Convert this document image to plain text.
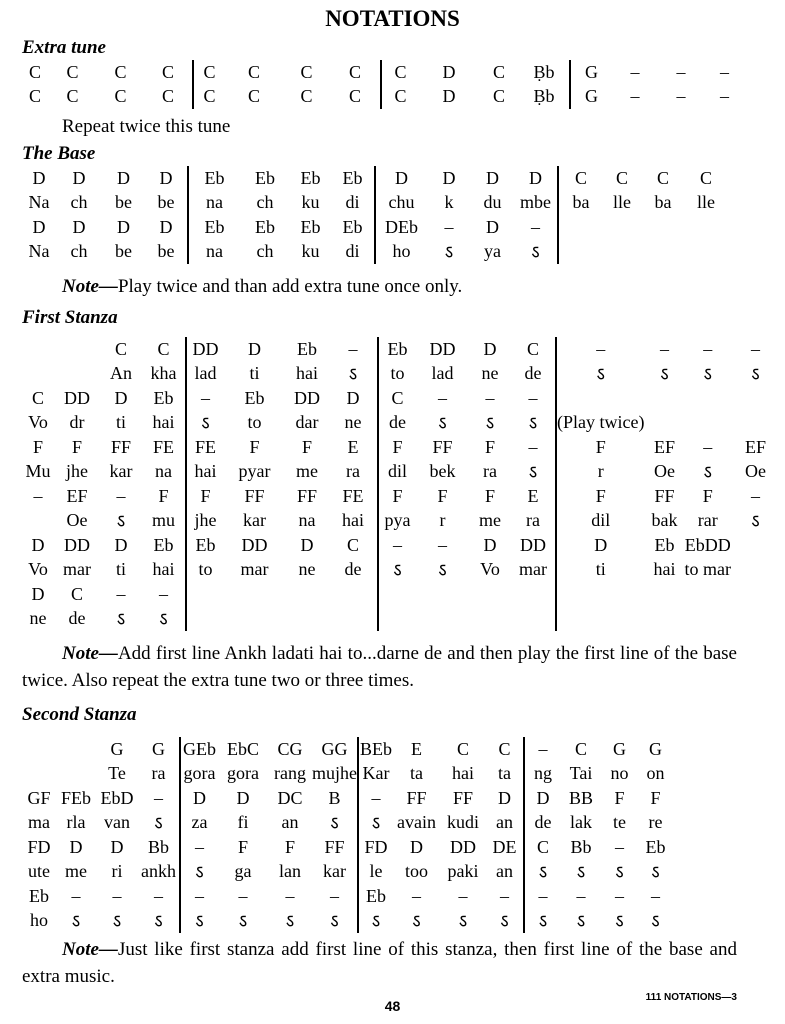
NOTATIONS
Extra tune
C	C	C	C	C	C	C	C	C	D	C	Ḅb	G	–	–	–
C	C	C	C	C	C	C	C	C	D	C	Ḅb	G	–	–	–
Repeat twice this tune
The Base
D	D	D	D	Eb	Eb	Eb	Eb	D	D	D	D	C	C	C	C
Na	ch	be	be	na	ch	ku	di	chu	k	du	mbe	ba	lle	ba	lle
D	D	D	D	Eb	Eb	Eb	Eb	DEb	–	D	–				
Na	ch	be	be	na	ch	ku	di	ho	ऽ	ya	ऽ				
Note—Play twice and than add extra tune once only.
First Stanza
		C	C	DD	D	Eb	–	Eb	DD	D	C	–	–	–	–
		An	kha	lad	ti	hai	ऽ	to	lad	ne	de	ऽ	ऽ	ऽ	ऽ
C	DD	D	Eb	–	Eb	DD	D	C	–	–	–				
Vo	dr	ti	hai	ऽ	to	dar	ne	de	ऽ	ऽ	ऽ	(Play twice)			
F	F	FF	FE	FE	F	F	E	F	FF	F	–	F	EF	–	EF
Mu	jhe	kar	na	hai	pyar	me	ra	dil	bek	ra	ऽ	r	Oe	ऽ	Oe
–	EF	–	F	F	FF	FF	FE	F	F	F	E	F	FF	F	–
	Oe	ऽ	mu	jhe	kar	na	hai	pya	r	me	ra	dil	bak	rar	ऽ
D	DD	D	Eb	Eb	DD	D	C	–	–	D	DD	D	Eb	EbDD	
Vo	mar	ti	hai	to	mar	ne	de	ऽ	ऽ	Vo	mar	ti	hai	to mar	
D	C	–	–												
ne	de	ऽ	ऽ												
Note—Add first line Ankh ladati hai to...darne de and then play the first line of the base twice. Also repeat the extra tune two or three times.
Second Stanza
		G	G	GEb	EbC	CG	GG	BEb	E	C	C	–	C	G	G
		Te	ra	gora	gora	rang	mujhe	Kar	ta	hai	ta	ng	Tai	no	on
GF	FEb	EbD	–	D	D	DC	B	–	FF	FF	D	D	BB	F	F
ma	rla	van	ऽ	za	fi	an	ऽ	ऽ	avain	kudi	an	de	lak	te	re
FD	D	D	Bb	–	F	F	FF	FD	D	DD	DE	C	Bb	–	Eb
ute	me	ri	ankh	ऽ	ga	lan	kar	le	too	paki	an	ऽ	ऽ	ऽ	ऽ
Eb	–	–	–	–	–	–	–	Eb	–	–	–	–	–	–	–
ho	ऽ	ऽ	ऽ	ऽ	ऽ	ऽ	ऽ	ऽ	ऽ	ऽ	ऽ	ऽ	ऽ	ऽ	ऽ
Note—Just like first stanza add first line of this stanza, then first line of the base and extra music.
48
111 NOTATIONS—3
